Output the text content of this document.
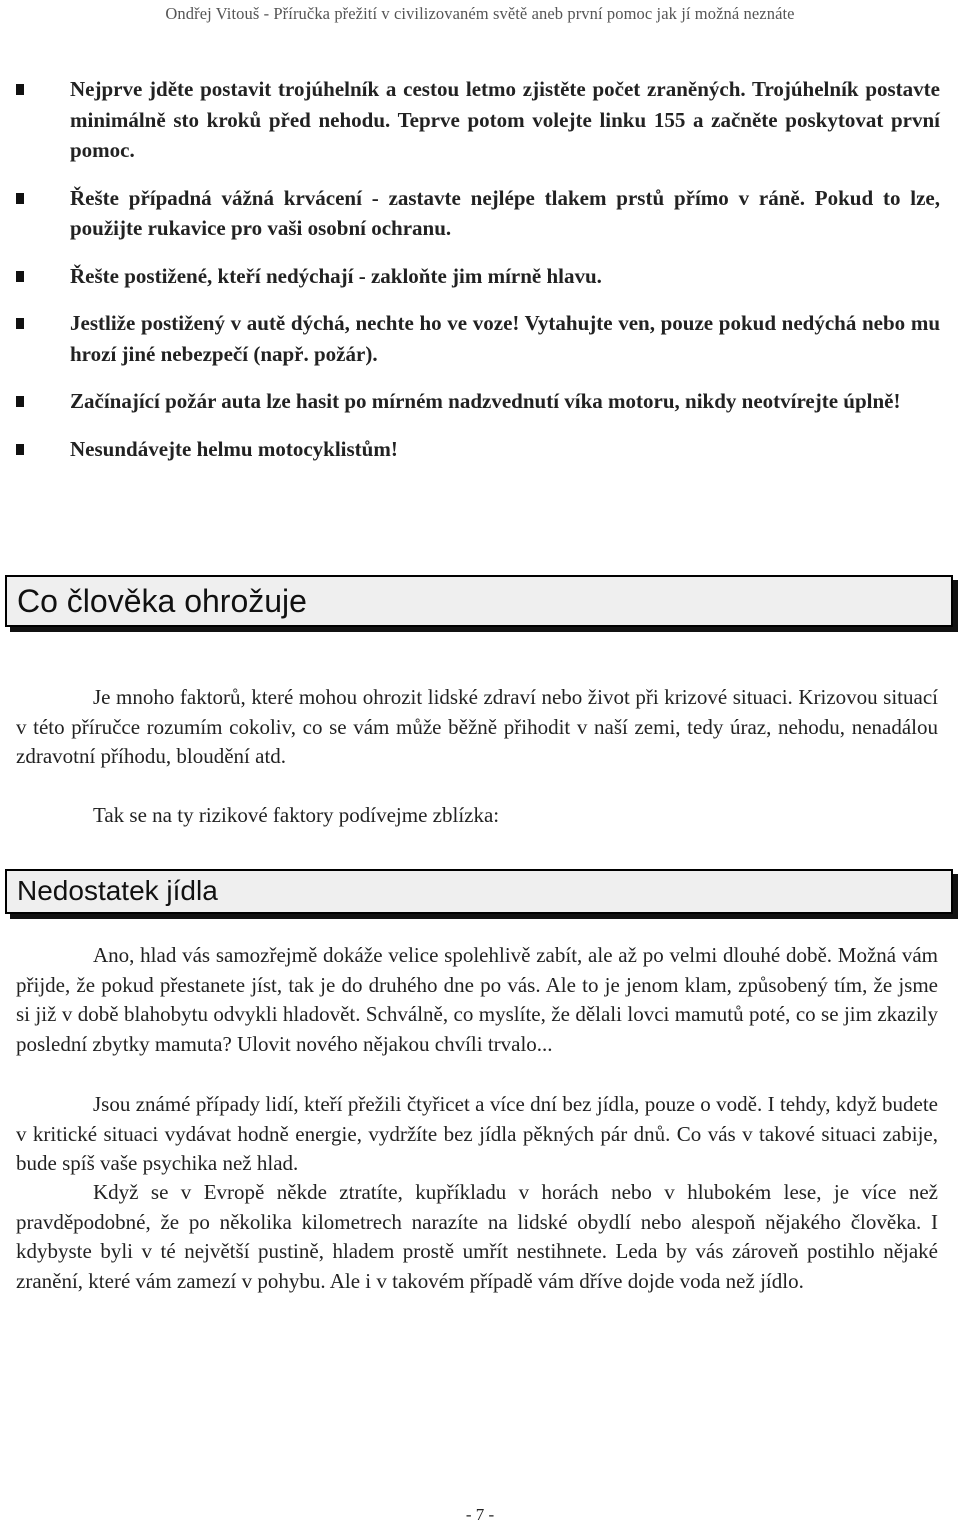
Ondřej Vitouš - Příručka přežití v civilizovaném světě aneb první pomoc jak jí možná neznáte
Nejprve jděte postavit trojúhelník a cestou letmo zjistěte počet zraněných. Trojúhelník postavte minimálně sto kroků před nehodu. Teprve potom volejte linku 155 a začněte poskytovat první pomoc.
Řešte případná vážná krvácení - zastavte nejlépe tlakem prstů přímo v ráně. Pokud to lze, použijte rukavice pro vaši osobní ochranu.
Řešte postižené, kteří nedýchají - zakloňte jim mírně hlavu.
Jestliže postižený v autě dýchá, nechte ho ve voze! Vytahujte ven, pouze pokud nedýchá nebo mu hrozí jiné nebezpečí (např. požár).
Začínající požár auta lze hasit po mírném nadzvednutí víka motoru, nikdy neotvírejte úplně!
Nesundávejte helmu motocyklistům!
Co člověka ohrožuje

Je mnoho faktorů, které mohou ohrozit lidské zdraví nebo život při krizové situaci. Krizovou situací v této příručce rozumím cokoliv, co se vám může běžně přihodit v naší zemi, tedy úraz, nehodu, nenadálou zdravotní příhodu, bloudění atd.

Tak se na ty rizikové faktory podívejme zblízka:

Nedostatek jídla

Ano, hlad vás samozřejmě dokáže velice spolehlivě zabít, ale až po velmi dlouhé době. Možná vám přijde, že pokud přestanete jíst, tak je do druhého dne po vás. Ale to je jenom klam, způsobený tím, že jsme si již v době blahobytu odvykli hladovět. Schválně, co myslíte, že dělali lovci mamutů poté, co se jim zkazily poslední zbytky mamuta? Ulovit nového nějakou chvíli trvalo...

Jsou známé případy lidí, kteří přežili čtyřicet a více dní bez jídla, pouze o vodě. I tehdy, když budete v kritické situaci vydávat hodně energie, vydržíte bez jídla pěkných pár dnů. Co vás v takové situaci zabije, bude spíš vaše psychika než hlad.

Když se v Evropě někde ztratíte, kupříkladu v horách nebo v hlubokém lese, je více než pravděpodobné, že po několika kilometrech narazíte na lidské obydlí nebo alespoň nějakého člověka. I kdybyste byli v té největší pustině, hladem prostě umřít nestihnete. Leda by vás zároveň postihlo nějaké zranění, které vám zamezí v pohybu. Ale i v takovém případě vám dříve dojde voda než jídlo.

- 7 -
